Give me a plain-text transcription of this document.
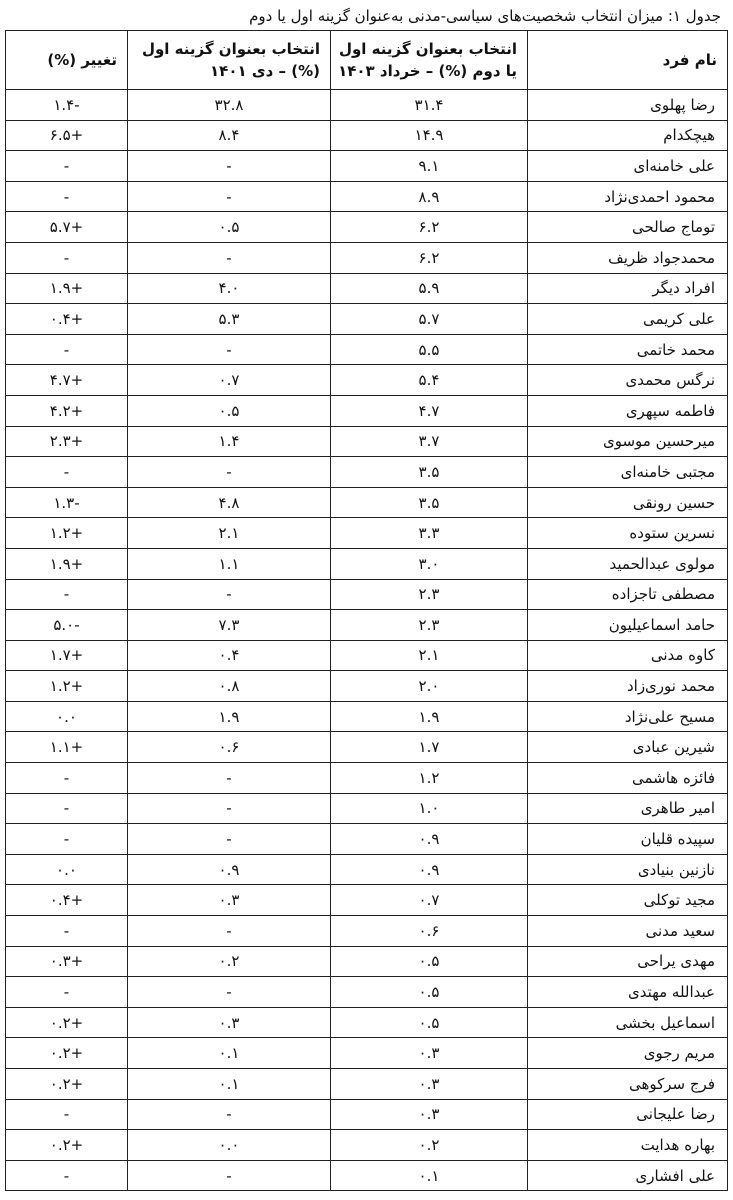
جدول ۱: میزان انتخاب شخصیت‌های سیاسی-مدنی به‌عنوان گزینه اول یا دوم
نام فرد	انتخاب بعنوان گزینه اول یا دوم (%) – خرداد ۱۴۰۳	انتخاب بعنوان گزینه اول (%) – دی ۱۴۰۱	تغییر (%)
رضا پهلوی	۳۱.۴	۳۲.۸	-۱.۴
هیچکدام	۱۴.۹	۸.۴	+۶.۵
علی خامنه‌ای	۹.۱	-	-
محمود احمدی‌نژاد	۸.۹	-	-
توماج صالحی	۶.۲	۰.۵	+۵.۷
محمدجواد ظریف	۶.۲	-	-
افراد دیگر	۵.۹	۴.۰	+۱.۹
علی کریمی	۵.۷	۵.۳	+۰.۴
محمد خاتمی	۵.۵	-	-
نرگس محمدی	۵.۴	۰.۷	+۴.۷
فاطمه سپهری	۴.۷	۰.۵	+۴.۲
میرحسین موسوی	۳.۷	۱.۴	+۲.۳
مجتبی خامنه‌ای	۳.۵	-	-
حسین رونقی	۳.۵	۴.۸	-۱.۳
نسرین ستوده	۳.۳	۲.۱	+۱.۲
مولوی عبدالحمید	۳.۰	۱.۱	+۱.۹
مصطفی تاجزاده	۲.۳	-	-
حامد اسماعیلیون	۲.۳	۷.۳	-۵.۰
کاوه مدنی	۲.۱	۰.۴	+۱.۷
محمد نوری‌زاد	۲.۰	۰.۸	+۱.۲
مسیح علی‌نژاد	۱.۹	۱.۹	۰.۰
شیرین عبادی	۱.۷	۰.۶	+۱.۱
فائزه هاشمی	۱.۲	-	-
امیر طاهری	۱.۰	-	-
سپیده قلیان	۰.۹	-	-
نازنین بنیادی	۰.۹	۰.۹	۰.۰
مجید توکلی	۰.۷	۰.۳	+۰.۴
سعید مدنی	۰.۶	-	-
مهدی یراحی	۰.۵	۰.۲	+۰.۳
عبدالله مهتدی	۰.۵	-	-
اسماعیل بخشی	۰.۵	۰.۳	+۰.۲
مریم رجوی	۰.۳	۰.۱	+۰.۲
فرج سرکوهی	۰.۳	۰.۱	+۰.۲
رضا علیجانی	۰.۳	-	-
بهاره هدایت	۰.۲	۰.۰	+۰.۲
علی افشاری	۰.۱	-	-
